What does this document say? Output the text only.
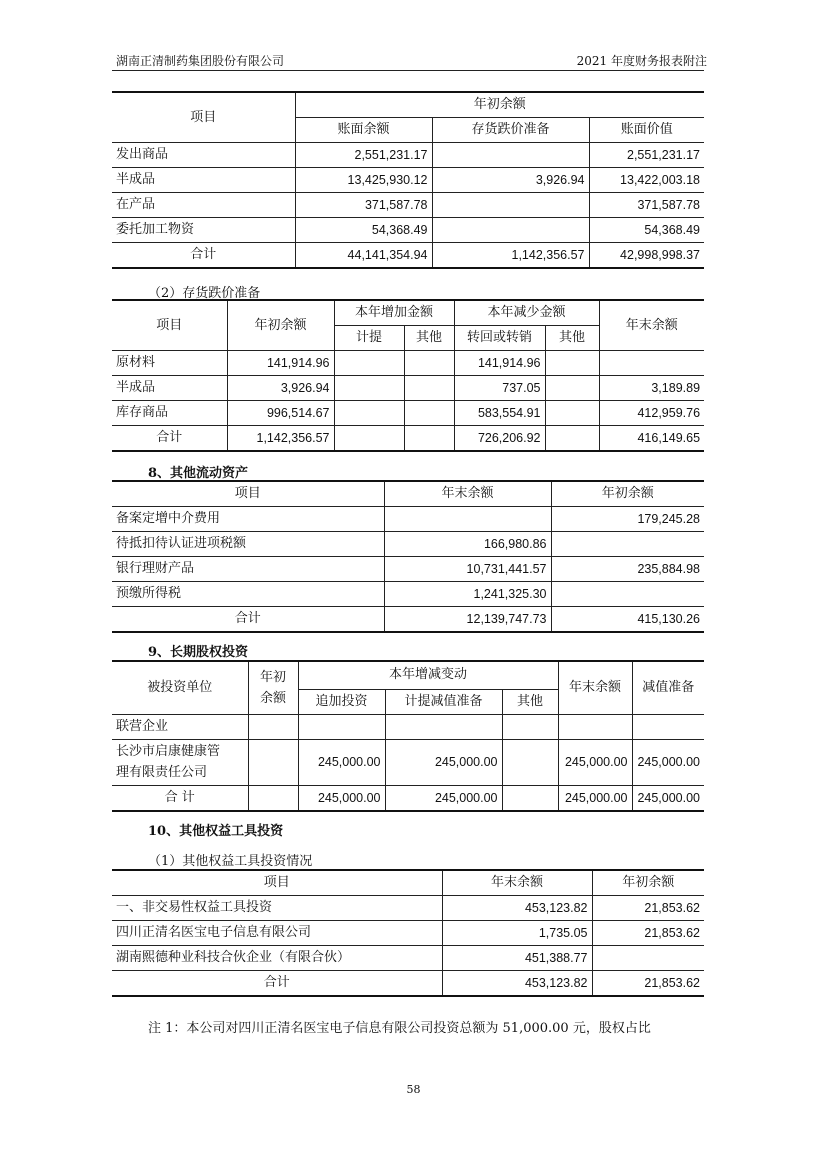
湖南正清制药集团股份有限公司	2021 年度财务报表附注
项目	年初余额		
	账面余额	存货跌价准备	账面价值
发出商品	2,551,231.17		2,551,231.17
半成品	13,425,930.12	3,926.94	13,422,003.18
在产品	371,587.78		371,587.78
委托加工物资	54,368.49		54,368.49
合计	44,141,354.94	1,142,356.57	42,998,998.37
（2）存货跌价准备
项目	年初余额	本年增加金额		本年减少金额		年末余额
		计提	其他	转回或转销	其他	
原材料	141,914.96			141,914.96		
半成品	3,926.94			737.05		3,189.89
库存商品	996,514.67			583,554.91		412,959.76
合计	1,142,356.57			726,206.92		416,149.65
8、其他流动资产
项目	年末余额	年初余额
备案定增中介费用		179,245.28
待抵扣待认证进项税额	166,980.86	
银行理财产品	10,731,441.57	235,884.98
预缴所得税	1,241,325.30	
合计	12,139,747.73	415,130.26
9、长期股权投资
被投资单位	年初
余额	本年增减变动			年末余额	减值准备
		追加投资	计提减值准备	其他		
联营企业						
长沙市启康健康管
理有限责任公司		245,000.00	245,000.00		245,000.00	245,000.00
合 计		245,000.00	245,000.00		245,000.00	245,000.00
10、其他权益工具投资
（1）其他权益工具投资情况
项目	年末余额	年初余额
一、非交易性权益工具投资	453,123.82	21,853.62
四川正清名医宝电子信息有限公司	1,735.05	21,853.62
湖南熙德种业科技合伙企业（有限合伙）	451,388.77	
合计	453,123.82	21,853.62
注 1：本公司对四川正清名医宝电子信息有限公司投资总额为 51,000.00 元，股权占比
58
